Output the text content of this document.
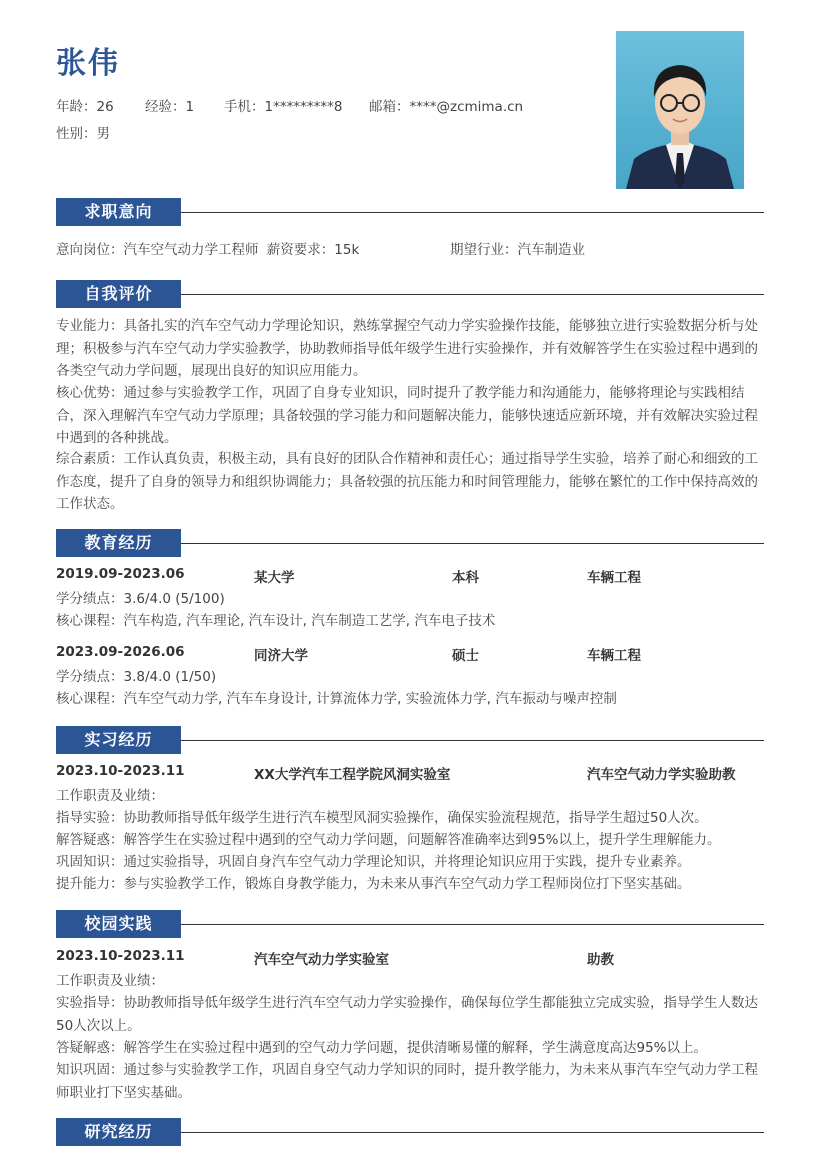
张伟
年龄：26 经验：1 手机：1*********8 邮箱：****@zcmima.cn
性别：男
求职意向
意向岗位：汽车空气动力学工程师 薪资要求：15k	期望行业：汽车制造业
自我评价

专业能力：具备扎实的汽车空气动力学理论知识，熟练掌握空气动力学实验操作技能，能够独立进行实验数据分析与处理；积极参与汽车空气动力学实验教学，协助教师指导低年级学生进行实验操作，并有效解答学生在实验过程中遇到的各类空气动力学问题，展现出良好的知识应用能力。

核心优势：通过参与实验教学工作，巩固了自身专业知识，同时提升了教学能力和沟通能力，能够将理论与实践相结合，深入理解汽车空气动力学原理；具备较强的学习能力和问题解决能力，能够快速适应新环境，并有效解决实验过程中遇到的各种挑战。

综合素质：工作认真负责，积极主动，具有良好的团队合作精神和责任心；通过指导学生实验，培养了耐心和细致的工作态度，提升了自身的领导力和组织协调能力；具备较强的抗压能力和时间管理能力，能够在繁忙的工作中保持高效的工作状态。

教育经历
2019.09-2023.06	某大学	本科	车辆工程
学分绩点：3.6/4.0 (5/100)
核心课程：汽车构造, 汽车理论, 汽车设计, 汽车制造工艺学, 汽车电子技术
2023.09-2026.06	同济大学	硕士	车辆工程
学分绩点：3.8/4.0 (1/50)
核心课程：汽车空气动力学, 汽车车身设计, 计算流体力学, 实验流体力学, 汽车振动与噪声控制
实习经历
2023.10-2023.11	XX大学汽车工程学院风洞实验室	汽车空气动力学实验助教
工作职责及业绩：
指导实验：协助教师指导低年级学生进行汽车模型风洞实验操作，确保实验流程规范，指导学生超过50人次。
解答疑惑：解答学生在实验过程中遇到的空气动力学问题，问题解答准确率达到95%以上，提升学生理解能力。
巩固知识：通过实验指导，巩固自身汽车空气动力学理论知识，并将理论知识应用于实践，提升专业素养。
提升能力：参与实验教学工作，锻炼自身教学能力，为未来从事汽车空气动力学工程师岗位打下坚实基础。
校园实践
2023.10-2023.11	汽车空气动力学实验室	助教
工作职责及业绩：

实验指导：协助教师指导低年级学生进行汽车空气动力学实验操作，确保每位学生都能独立完成实验，指导学生人数达50人次以上。

答疑解惑：解答学生在实验过程中遇到的空气动力学问题，提供清晰易懂的解释，学生满意度高达95%以上。

知识巩固：通过参与实验教学工作，巩固自身空气动力学知识的同时，提升教学能力，为未来从事汽车空气动力学工程师职业打下坚实基础。

研究经历
